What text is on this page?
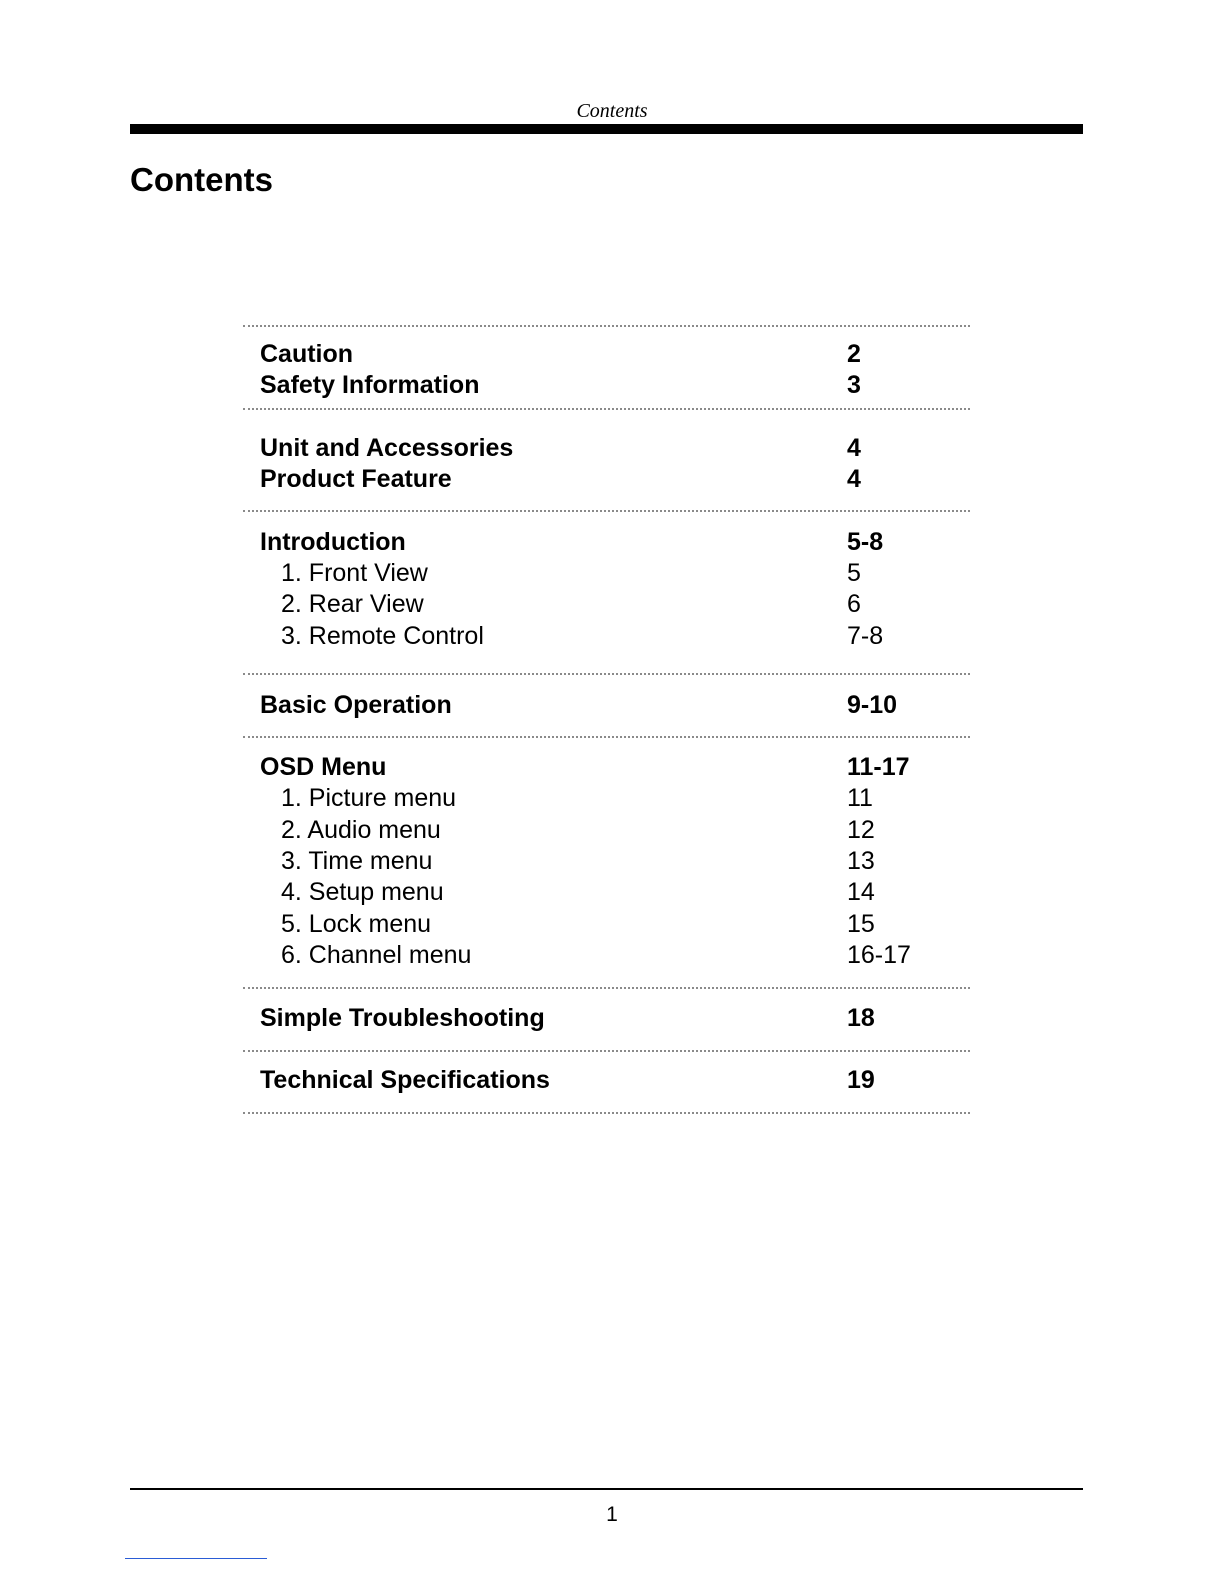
Contents
Contents
Caution	2
Safety Information	3
Unit and Accessories	4
Product Feature	4
Introduction	5-8
1. Front View	5
2. Rear View	6
3. Remote Control	7-8
Basic Operation	9-10
OSD Menu	11-17
1. Picture menu	11
2. Audio menu	12
3. Time menu	13
4. Setup menu	14
5. Lock menu	15
6. Channel menu	16-17
Simple Troubleshooting	18
Technical Specifications	19
1
